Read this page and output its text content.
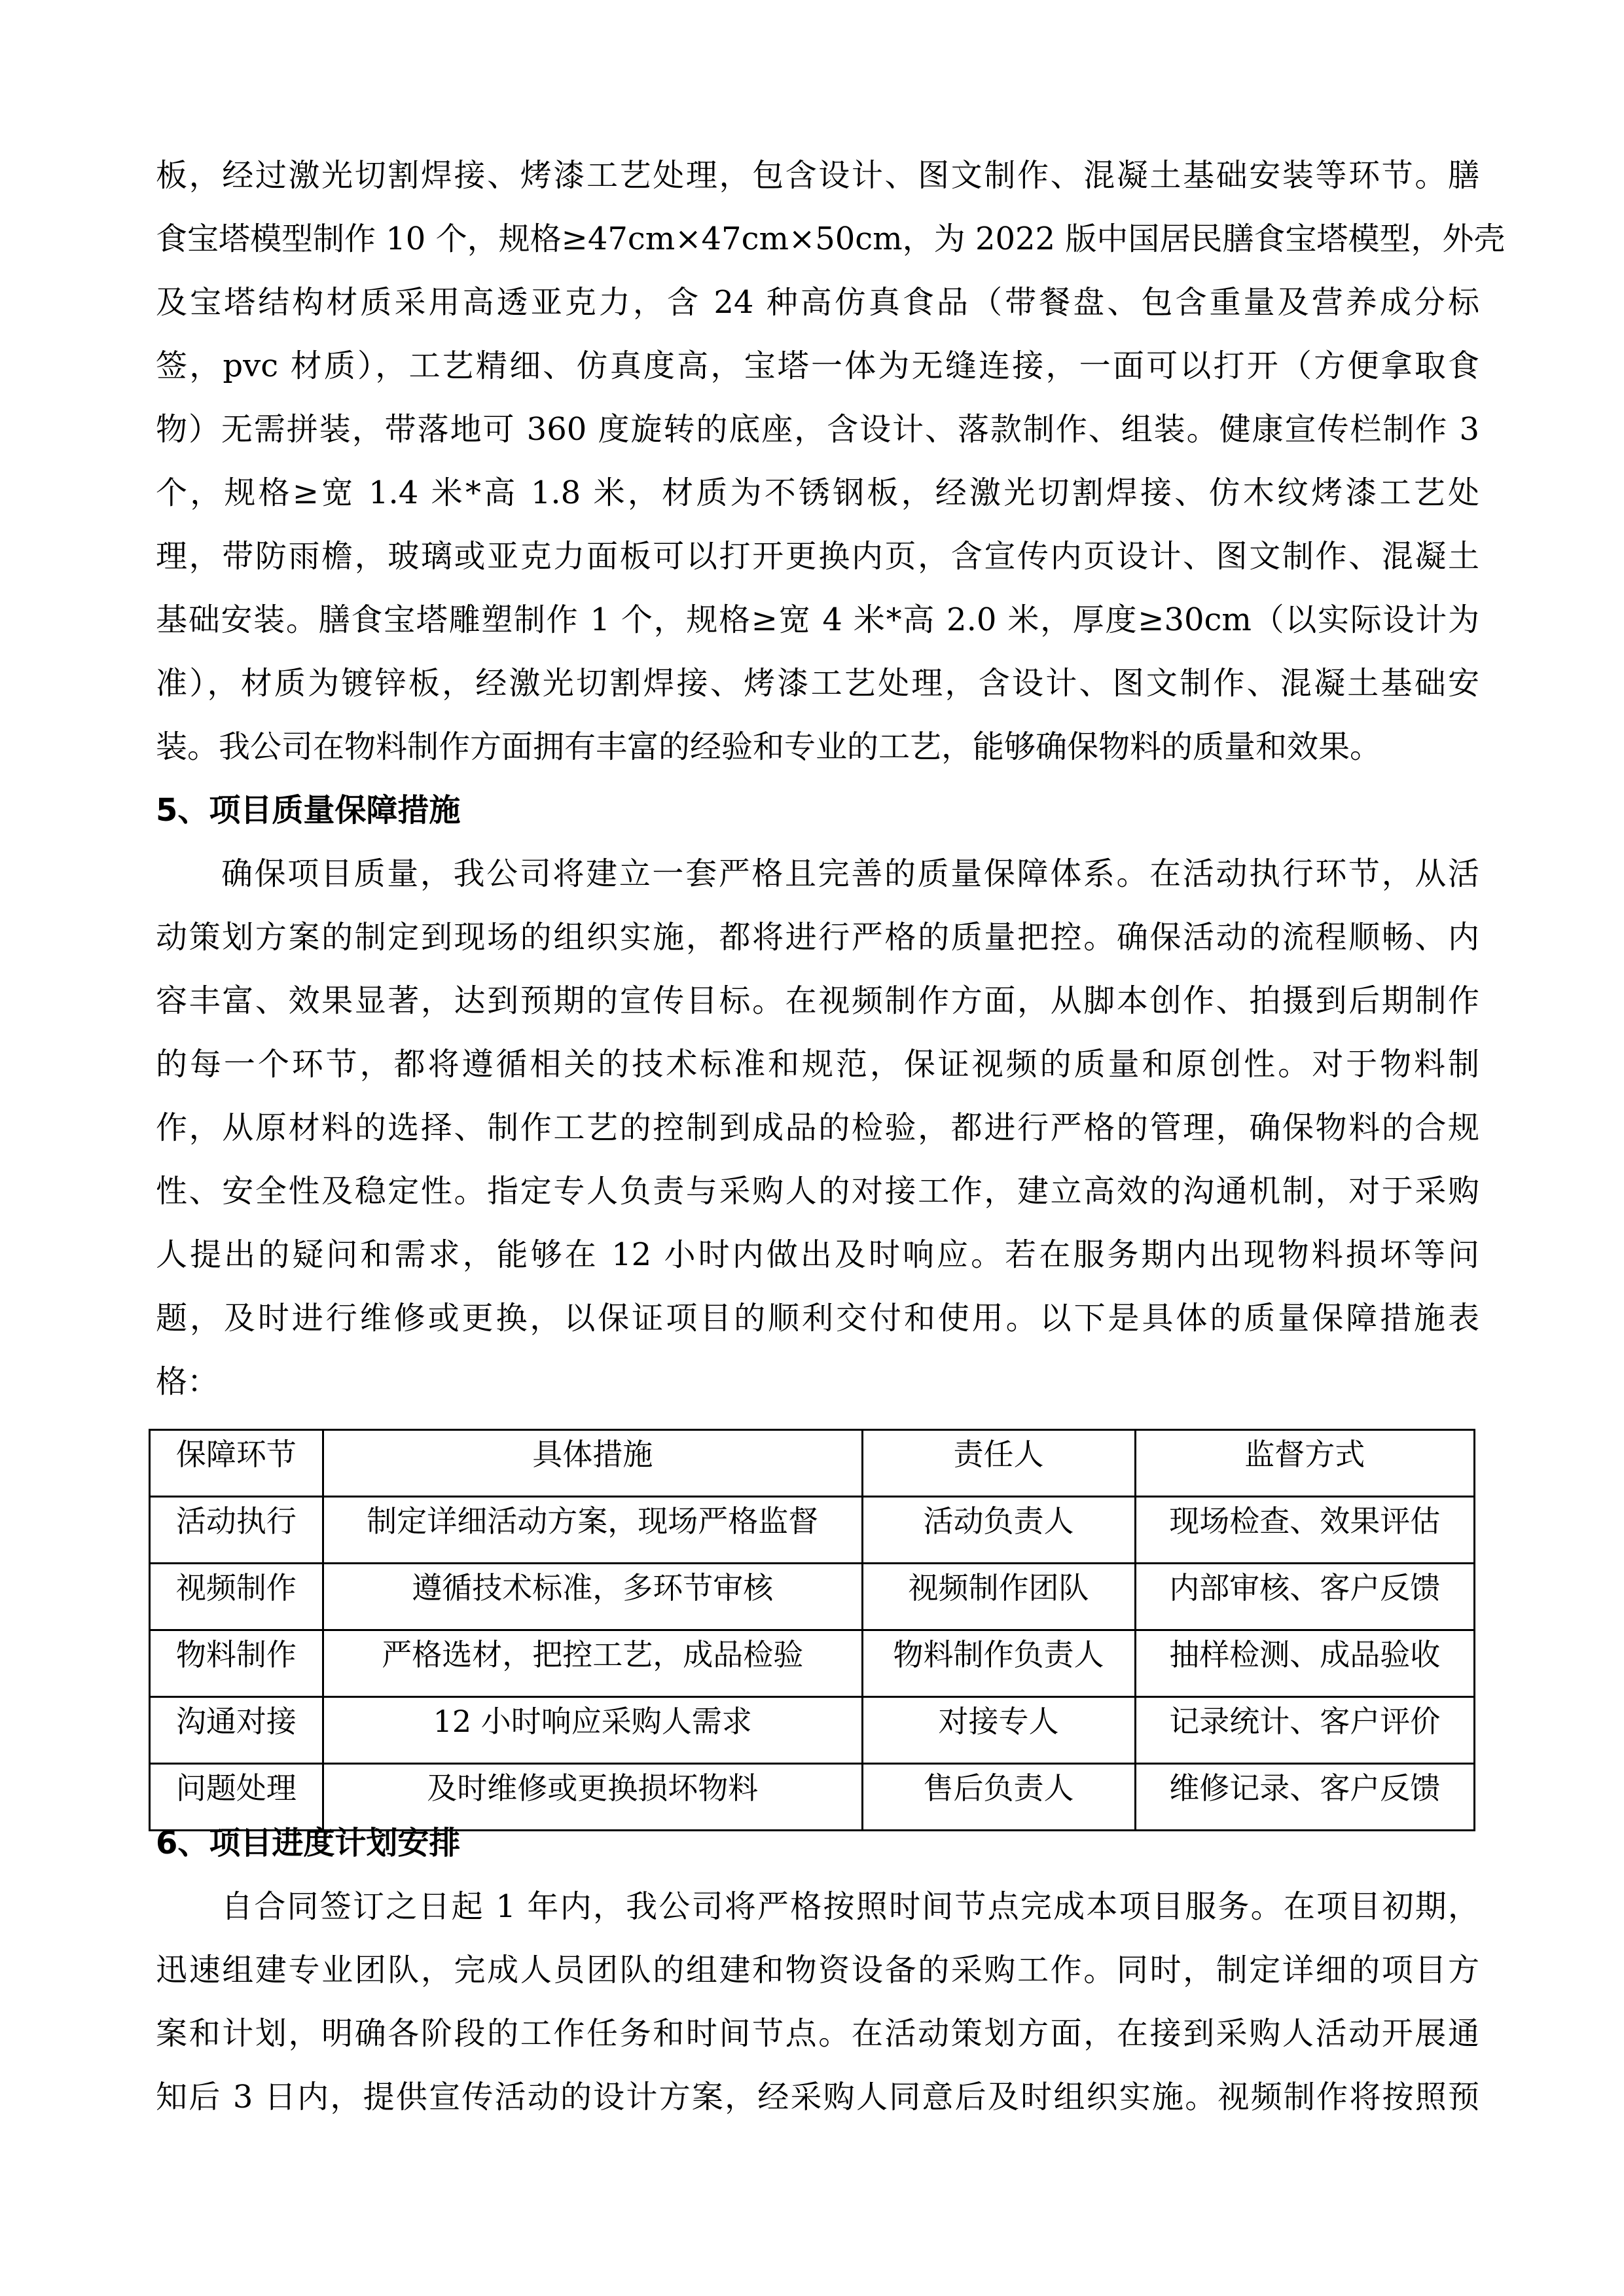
板，经过激光切割焊接、烤漆工艺处理，包含设计、图文制作、混凝土基础安装等环节。膳
食宝塔模型制作 10 个，规格≥47cm×47cm×50cm，为 2022 版中国居民膳食宝塔模型，外壳
及宝塔结构材质采用高透亚克力，含 24 种高仿真食品（带餐盘、包含重量及营养成分标
签，pvc 材质），工艺精细、仿真度高，宝塔一体为无缝连接，一面可以打开（方便拿取食
物）无需拼装，带落地可 360 度旋转的底座，含设计、落款制作、组装。健康宣传栏制作 3
个，规格≥宽 1.4 米*高 1.8 米，材质为不锈钢板，经激光切割焊接、仿木纹烤漆工艺处
理，带防雨檐，玻璃或亚克力面板可以打开更换内页，含宣传内页设计、图文制作、混凝土
基础安装。膳食宝塔雕塑制作 1 个，规格≥宽 4 米*高 2.0 米，厚度≥30cm（以实际设计为
准），材质为镀锌板，经激光切割焊接、烤漆工艺处理，含设计、图文制作、混凝土基础安
装。我公司在物料制作方面拥有丰富的经验和专业的工艺，能够确保物料的质量和效果。
5、项目质量保障措施
确保项目质量，我公司将建立一套严格且完善的质量保障体系。在活动执行环节，从活
动策划方案的制定到现场的组织实施，都将进行严格的质量把控。确保活动的流程顺畅、内
容丰富、效果显著，达到预期的宣传目标。在视频制作方面，从脚本创作、拍摄到后期制作
的每一个环节，都将遵循相关的技术标准和规范，保证视频的质量和原创性。对于物料制
作，从原材料的选择、制作工艺的控制到成品的检验，都进行严格的管理，确保物料的合规
性、安全性及稳定性。指定专人负责与采购人的对接工作，建立高效的沟通机制，对于采购
人提出的疑问和需求，能够在 12 小时内做出及时响应。若在服务期内出现物料损坏等问
题，及时进行维修或更换，以保证项目的顺利交付和使用。以下是具体的质量保障措施表
格：
保障环节	具体措施	责任人	监督方式
活动执行	制定详细活动方案，现场严格监督	活动负责人	现场检查、效果评估
视频制作	遵循技术标准，多环节审核	视频制作团队	内部审核、客户反馈
物料制作	严格选材，把控工艺，成品检验	物料制作负责人	抽样检测、成品验收
沟通对接	12 小时响应采购人需求	对接专人	记录统计、客户评价
问题处理	及时维修或更换损坏物料	售后负责人	维修记录、客户反馈
6、项目进度计划安排
自合同签订之日起 1 年内，我公司将严格按照时间节点完成本项目服务。在项目初期，
迅速组建专业团队，完成人员团队的组建和物资设备的采购工作。同时，制定详细的项目方
案和计划，明确各阶段的工作任务和时间节点。在活动策划方面，在接到采购人活动开展通
知后 3 日内，提供宣传活动的设计方案，经采购人同意后及时组织实施。视频制作将按照预
